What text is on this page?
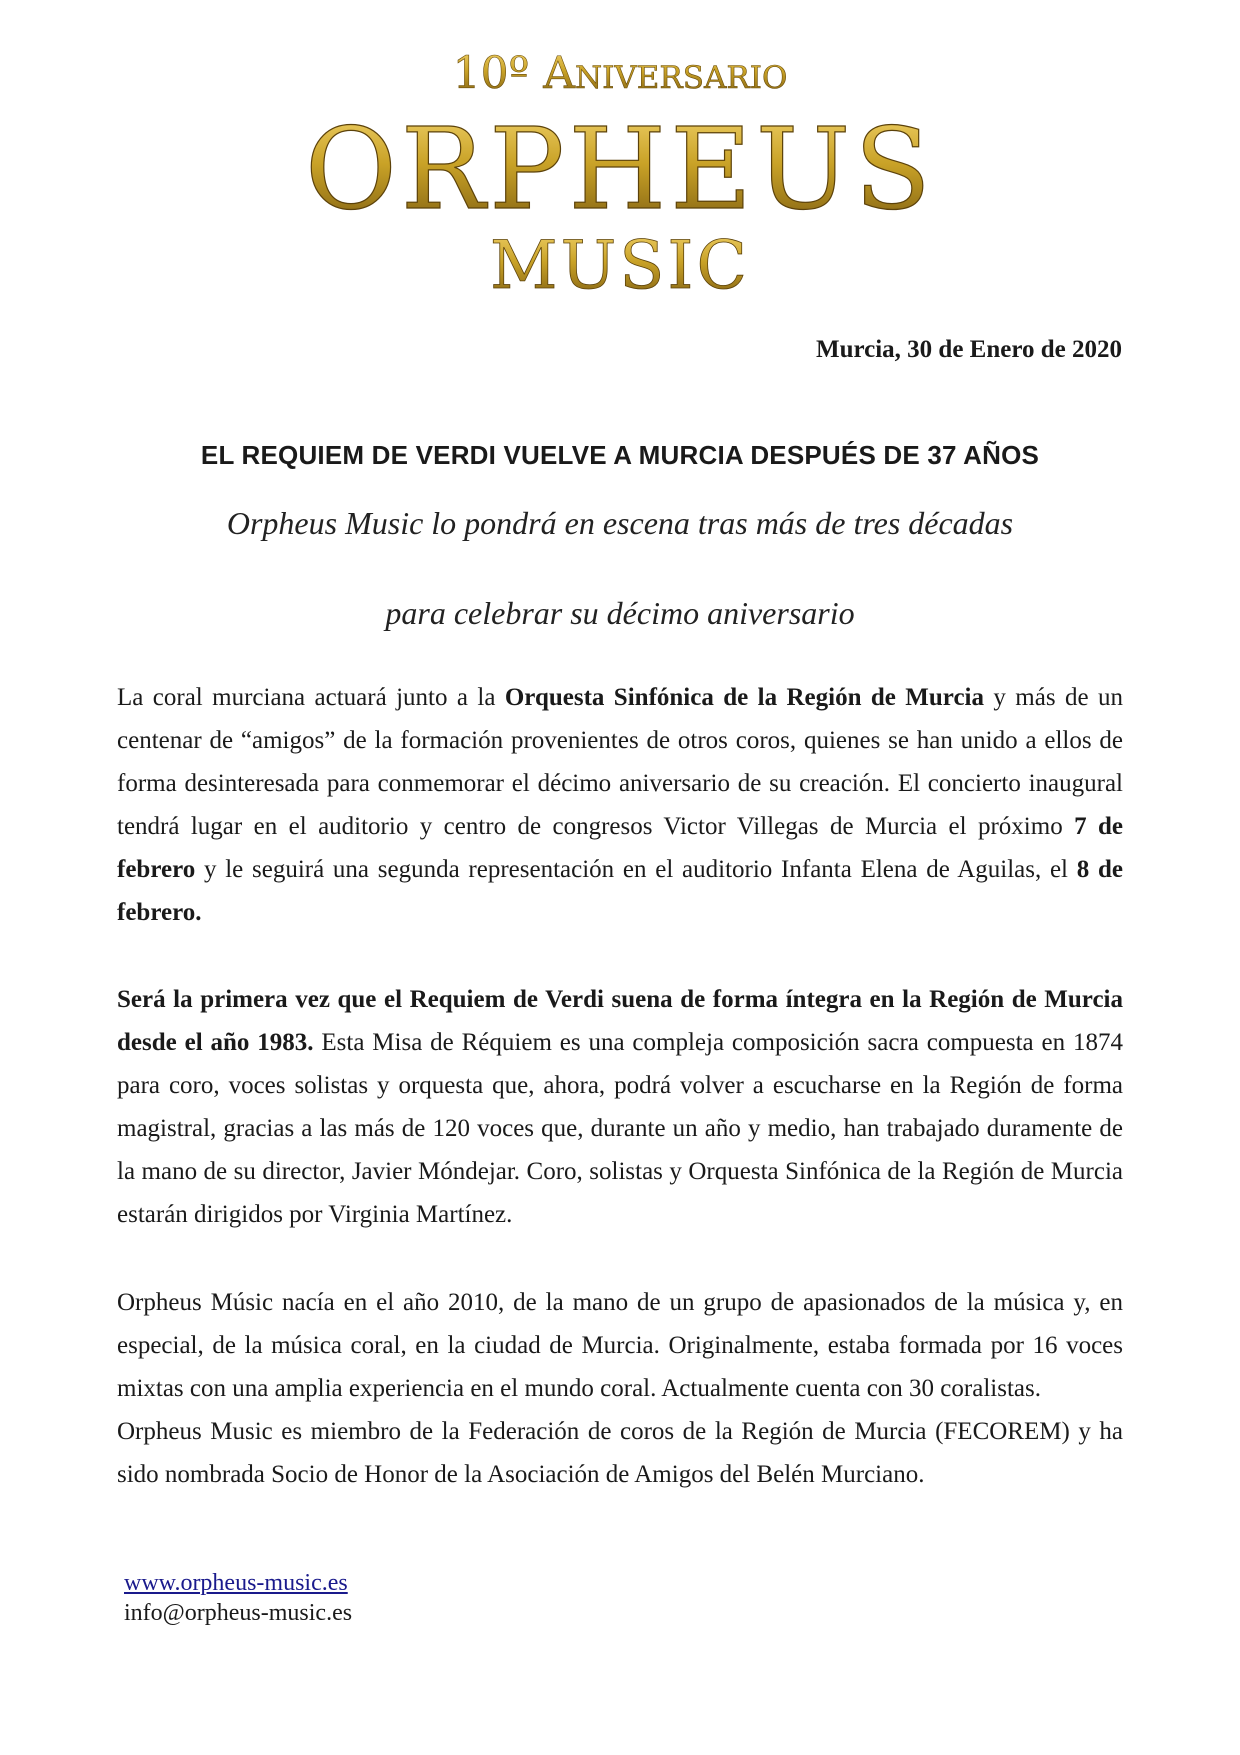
10º Aniversario
ORPHEUS
MUSIC
Murcia, 30 de Enero de 2020
EL REQUIEM DE VERDI VUELVE A MURCIA DESPUÉS DE 37 AÑOS
Orpheus Music lo pondrá en escena tras más de tres décadas
para celebrar su décimo aniversario

La coral murciana actuará junto a la Orquesta Sinfónica de la Región de Murcia y más de un centenar de “amigos” de la formación provenientes de otros coros, quienes se han unido a ellos de forma desinteresada para conmemorar el décimo aniversario de su creación. El concierto inaugural tendrá lugar en el auditorio y centro de congresos Victor Villegas de Murcia el próximo 7 de febrero y le seguirá una segunda representación en el auditorio Infanta Elena de Aguilas, el 8 de febrero.

Será la primera vez que el Requiem de Verdi suena de forma íntegra en la Región de Murcia desde el año 1983. Esta Misa de Réquiem es una compleja composición sacra compuesta en 1874 para coro, voces solistas y orquesta que, ahora, podrá volver a escucharse en la Región de forma magistral, gracias a las más de 120 voces que, durante un año y medio, han trabajado duramente de la mano de su director, Javier Móndejar. Coro, solistas y Orquesta Sinfónica de la Región de Murcia estarán dirigidos por Virginia Martínez.

Orpheus Músic nacía en el año 2010, de la mano de un grupo de apasionados de la música y, en especial, de la música coral, en la ciudad de Murcia. Originalmente, estaba formada por 16 voces mixtas con una amplia experiencia en el mundo coral. Actualmente cuenta con 30 coralistas.

Orpheus Music es miembro de la Federación de coros de la Región de Murcia (FECOREM) y ha sido nombrada Socio de Honor de la Asociación de Amigos del Belén Murciano.

www.orpheus-music.es
info@orpheus-music.es
